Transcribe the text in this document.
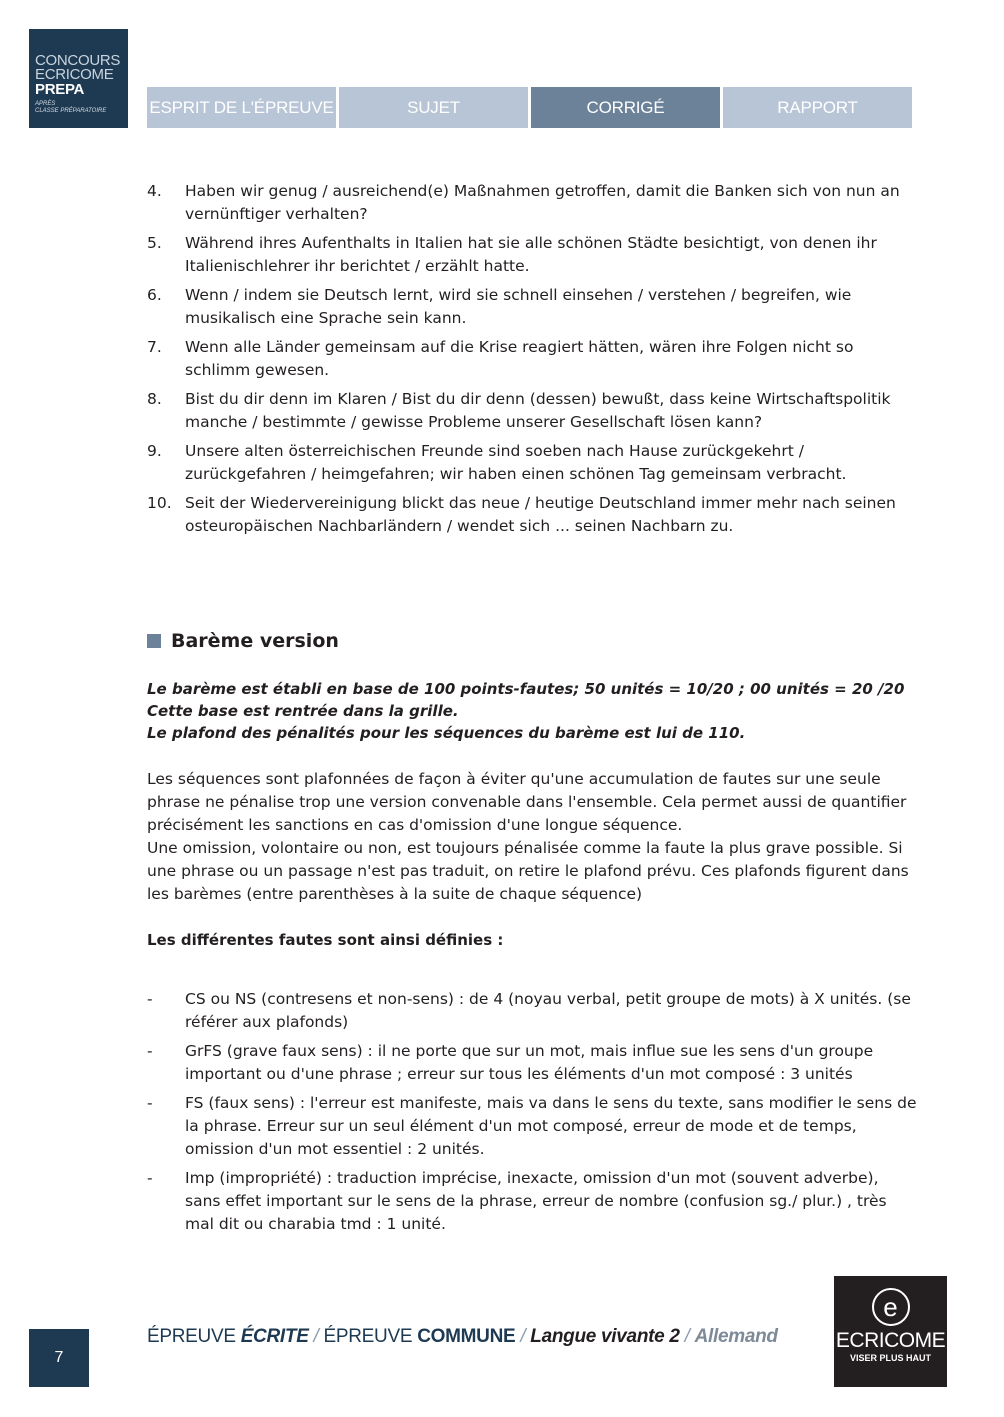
CONCOURS
ECRICOME
PREPA
APRÈS
CLASSE PRÉPARATOIRE	ESPRIT DE L'ÉPREUVE	SUJET	CORRIGÉ	RAPPORT
4.	Haben wir genug / ausreichend(e) Maßnahmen getroffen, damit die Banken sich von nun an vernünftiger verhalten?
5.	Während ihres Aufenthalts in Italien hat sie alle schönen Städte besichtigt, von denen ihr Italienischlehrer ihr berichtet / erzählt hatte.
6.	Wenn / indem sie Deutsch lernt, wird sie schnell einsehen / verstehen / begreifen, wie musikalisch eine Sprache sein kann.
7.	Wenn alle Länder gemeinsam auf die Krise reagiert hätten, wären ihre Folgen nicht so schlimm gewesen.
8.	Bist du dir denn im Klaren / Bist du dir denn (dessen) bewußt, dass keine Wirtschaftspolitik manche / bestimmte / gewisse Probleme unserer Gesellschaft lösen kann?
9.	Unsere alten österreichischen Freunde sind soeben nach Hause zurückgekehrt / zurückgefahren / heimgefahren; wir haben einen schönen Tag gemeinsam verbracht.
10. Seit der Wiedervereinigung blickt das neue / heutige Deutschland immer mehr nach seinen osteuropäischen Nachbarländern / wendet sich ... seinen Nachbarn zu.
Barème version
Le barème est établi en base de 100 points-fautes; 50 unités = 10/20 ; 00 unités = 20 /20
Cette base est rentrée dans la grille.
Le plafond des pénalités pour les séquences du barème est lui de 110.
Les séquences sont plafonnées de façon à éviter qu'une accumulation de fautes sur une seule phrase ne pénalise trop une version convenable dans l'ensemble. Cela permet aussi de quantifier précisément les sanctions en cas d'omission d'une longue séquence.
Une omission, volontaire ou non, est toujours pénalisée comme la faute la plus grave possible. Si une phrase ou un passage n'est pas traduit, on retire le plafond prévu. Ces plafonds figurent dans les barèmes (entre parenthèses à la suite de chaque séquence)
Les différentes fautes sont ainsi définies :
-	CS ou NS (contresens et non-sens) : de 4 (noyau verbal, petit groupe de mots) à X unités. (se référer aux plafonds)
-	GrFS (grave faux sens) : il ne porte que sur un mot, mais influe sue les sens d'un groupe important ou d'une phrase ; erreur sur tous les éléments d'un mot composé : 3 unités
-	FS (faux sens) : l'erreur est manifeste, mais va dans le sens du texte, sans modifier le sens de la phrase. Erreur sur un seul élément d'un mot composé, erreur de mode et de temps, omission d'un mot essentiel : 2 unités.
-	Imp (impropriété) : traduction imprécise, inexacte, omission d'un mot (souvent adverbe), sans effet important sur le sens de la phrase, erreur de nombre (confusion sg./ plur.) , très mal dit ou charabia tmd : 1 unité.
7
ÉPREUVE ÉCRITE / ÉPREUVE COMMUNE / Langue vivante 2 / Allemand
e
ECRICOME
VISER PLUS HAUT
